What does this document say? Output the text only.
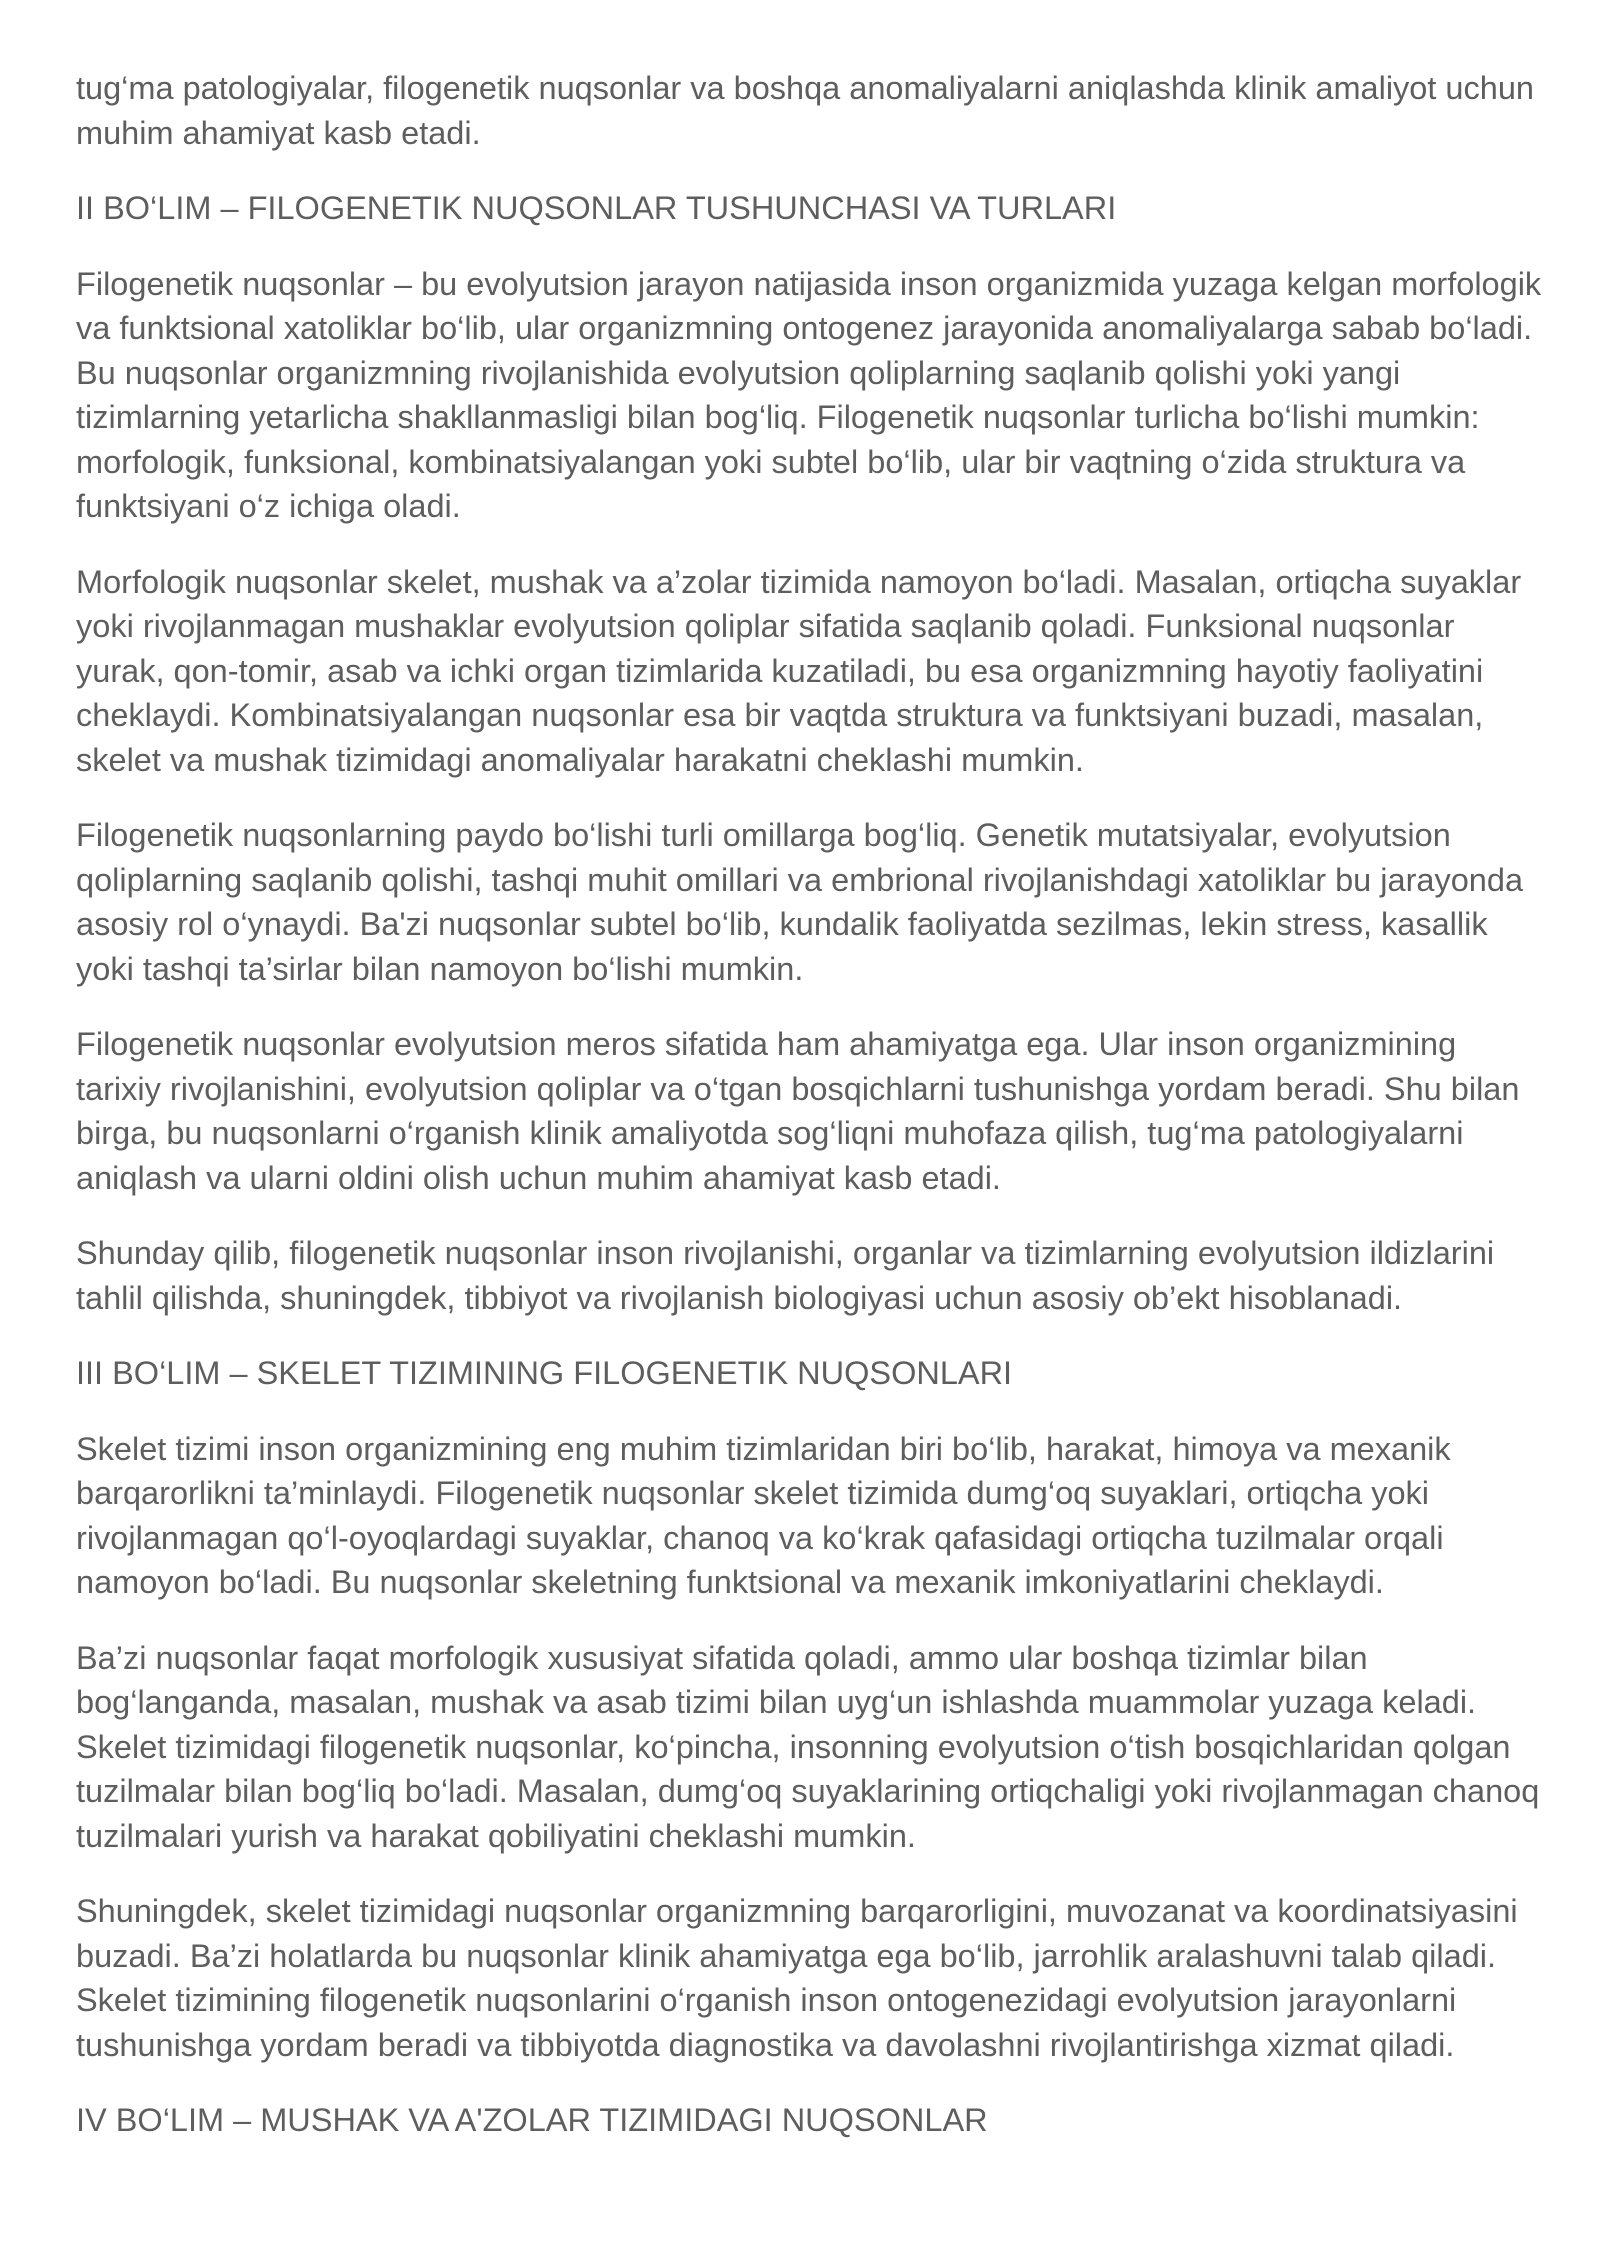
tug‘ma patologiyalar, filogenetik nuqsonlar va boshqa anomaliyalarni aniqlashda klinik amaliyot uchun muhim ahamiyat kasb etadi.

II BO‘LIM – FILOGENETIK NUQSONLAR TUSHUNCHASI VA TURLARI

Filogenetik nuqsonlar – bu evolyutsion jarayon natijasida inson organizmida yuzaga kelgan morfologik va funktsional xatoliklar bo‘lib, ular organizmning ontogenez jarayonida anomaliyalarga sabab bo‘ladi. Bu nuqsonlar organizmning rivojlanishida evolyutsion qoliplarning saqlanib qolishi yoki yangi tizimlarning yetarlicha shakllanmasligi bilan bog‘liq. Filogenetik nuqsonlar turlicha bo‘lishi mumkin: morfologik, funksional, kombinatsiyalangan yoki subtel bo‘lib, ular bir vaqtning o‘zida struktura va funktsiyani o‘z ichiga oladi.

Morfologik nuqsonlar skelet, mushak va a’zolar tizimida namoyon bo‘ladi. Masalan, ortiqcha suyaklar yoki rivojlanmagan mushaklar evolyutsion qoliplar sifatida saqlanib qoladi. Funksional nuqsonlar yurak, qon-tomir, asab va ichki organ tizimlarida kuzatiladi, bu esa organizmning hayotiy faoliyatini cheklaydi. Kombinatsiyalangan nuqsonlar esa bir vaqtda struktura va funktsiyani buzadi, masalan, skelet va mushak tizimidagi anomaliyalar harakatni cheklashi mumkin.

Filogenetik nuqsonlarning paydo bo‘lishi turli omillarga bog‘liq. Genetik mutatsiyalar, evolyutsion qoliplarning saqlanib qolishi, tashqi muhit omillari va embrional rivojlanishdagi xatoliklar bu jarayonda asosiy rol o‘ynaydi. Ba'zi nuqsonlar subtel bo‘lib, kundalik faoliyatda sezilmas, lekin stress, kasallik yoki tashqi ta’sirlar bilan namoyon bo‘lishi mumkin.

Filogenetik nuqsonlar evolyutsion meros sifatida ham ahamiyatga ega. Ular inson organizmining tarixiy rivojlanishini, evolyutsion qoliplar va o‘tgan bosqichlarni tushunishga yordam beradi. Shu bilan birga, bu nuqsonlarni o‘rganish klinik amaliyotda sog‘liqni muhofaza qilish, tug‘ma patologiyalarni aniqlash va ularni oldini olish uchun muhim ahamiyat kasb etadi.

Shunday qilib, filogenetik nuqsonlar inson rivojlanishi, organlar va tizimlarning evolyutsion ildizlarini tahlil qilishda, shuningdek, tibbiyot va rivojlanish biologiyasi uchun asosiy ob’ekt hisoblanadi.

III BO‘LIM – SKELET TIZIMINING FILOGENETIK NUQSONLARI

Skelet tizimi inson organizmining eng muhim tizimlaridan biri bo‘lib, harakat, himoya va mexanik barqarorlikni ta’minlaydi. Filogenetik nuqsonlar skelet tizimida dumg‘oq suyaklari, ortiqcha yoki rivojlanmagan qo‘l-oyoqlardagi suyaklar, chanoq va ko‘krak qafasidagi ortiqcha tuzilmalar orqali namoyon bo‘ladi. Bu nuqsonlar skeletning funktsional va mexanik imkoniyatlarini cheklaydi.

Ba’zi nuqsonlar faqat morfologik xususiyat sifatida qoladi, ammo ular boshqa tizimlar bilan bog‘langanda, masalan, mushak va asab tizimi bilan uyg‘un ishlashda muammolar yuzaga keladi. Skelet tizimidagi filogenetik nuqsonlar, ko‘pincha, insonning evolyutsion o‘tish bosqichlaridan qolgan tuzilmalar bilan bog‘liq bo‘ladi. Masalan, dumg‘oq suyaklarining ortiqchaligi yoki rivojlanmagan chanoq tuzilmalari yurish va harakat qobiliyatini cheklashi mumkin.

Shuningdek, skelet tizimidagi nuqsonlar organizmning barqarorligini, muvozanat va koordinatsiyasini buzadi. Ba’zi holatlarda bu nuqsonlar klinik ahamiyatga ega bo‘lib, jarrohlik aralashuvni talab qiladi. Skelet tizimining filogenetik nuqsonlarini o‘rganish inson ontogenezidagi evolyutsion jarayonlarni tushunishga yordam beradi va tibbiyotda diagnostika va davolashni rivojlantirishga xizmat qiladi.

IV BO‘LIM – MUSHAK VA A'ZOLAR TIZIMIDAGI NUQSONLAR
